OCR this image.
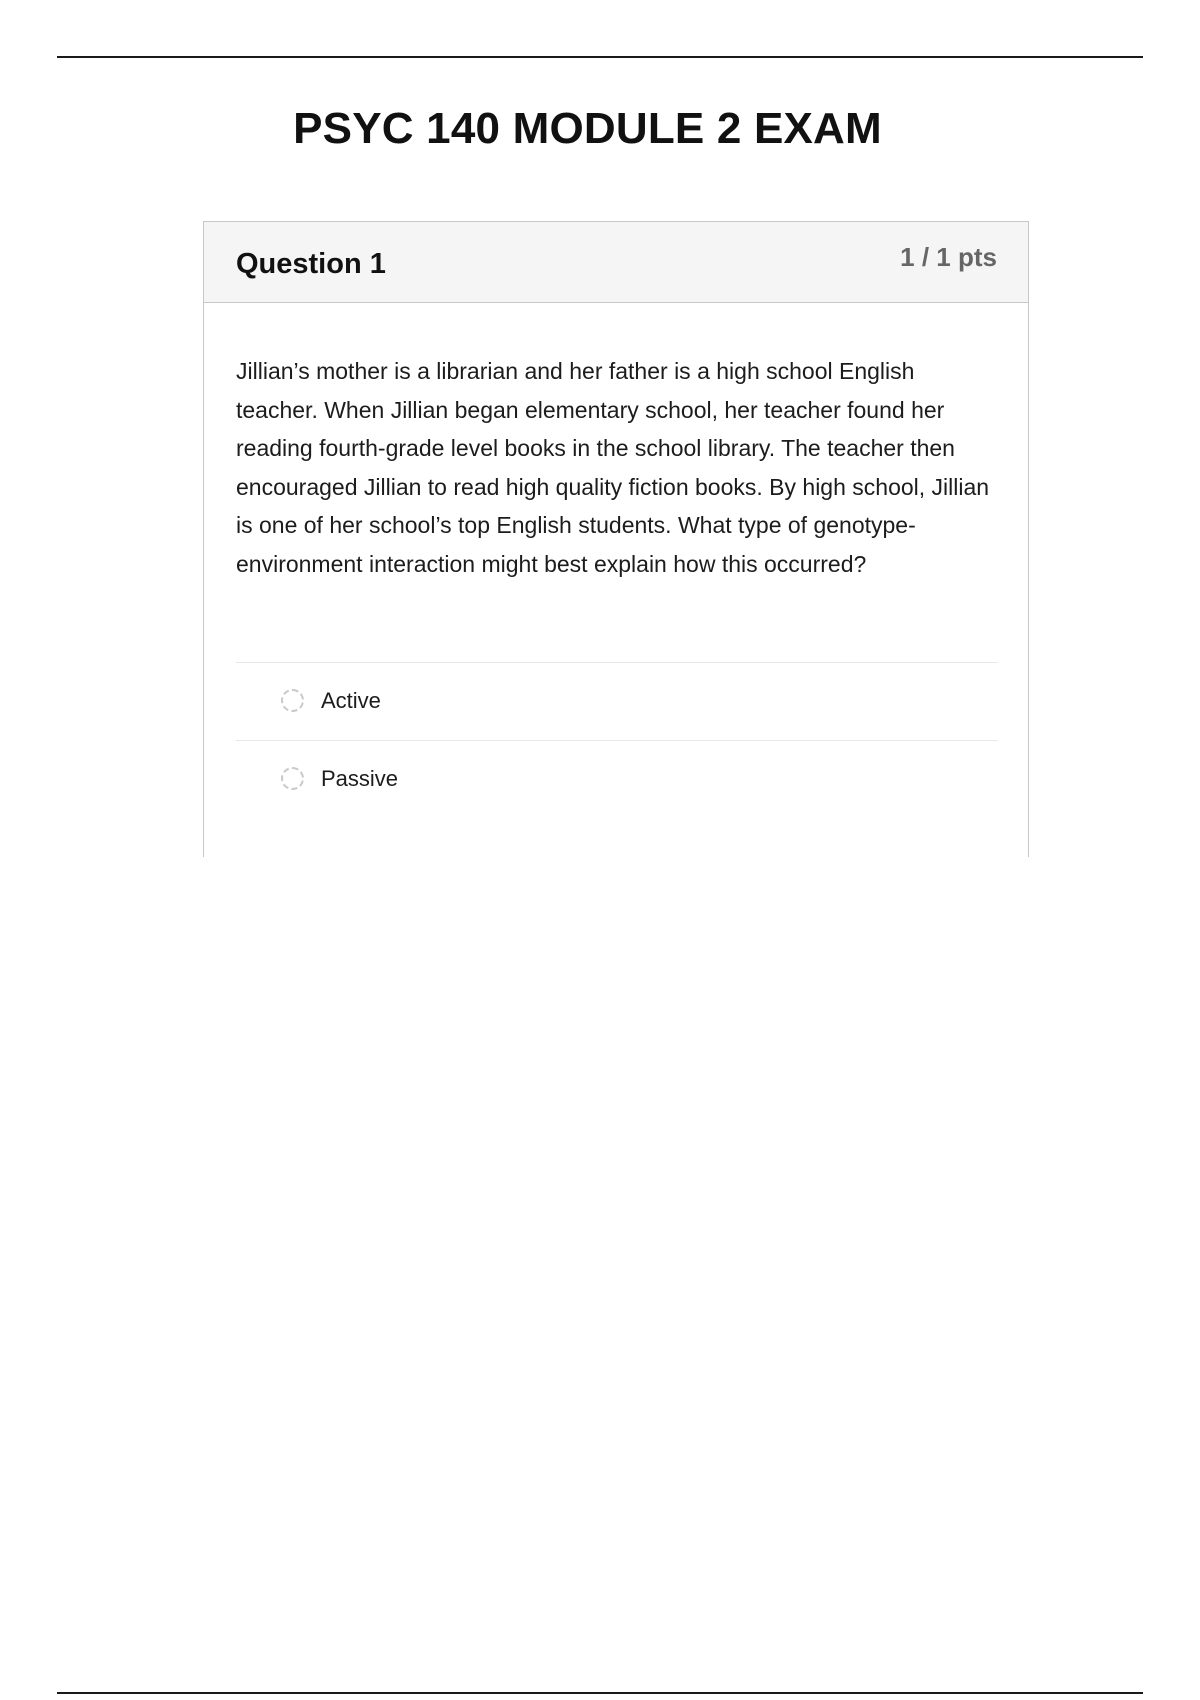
PSYC 140 MODULE 2 EXAM
Question 1	1 / 1 pts

Jillian’s mother is a librarian and her father is a high school English teacher. When Jillian began elementary school, her teacher found her reading fourth-grade level books in the school library. The teacher then encouraged Jillian to read high quality fiction books. By high school, Jillian is one of her school’s top English students. What type of genotype-environment interaction might best explain how this occurred?

Active
Passive
